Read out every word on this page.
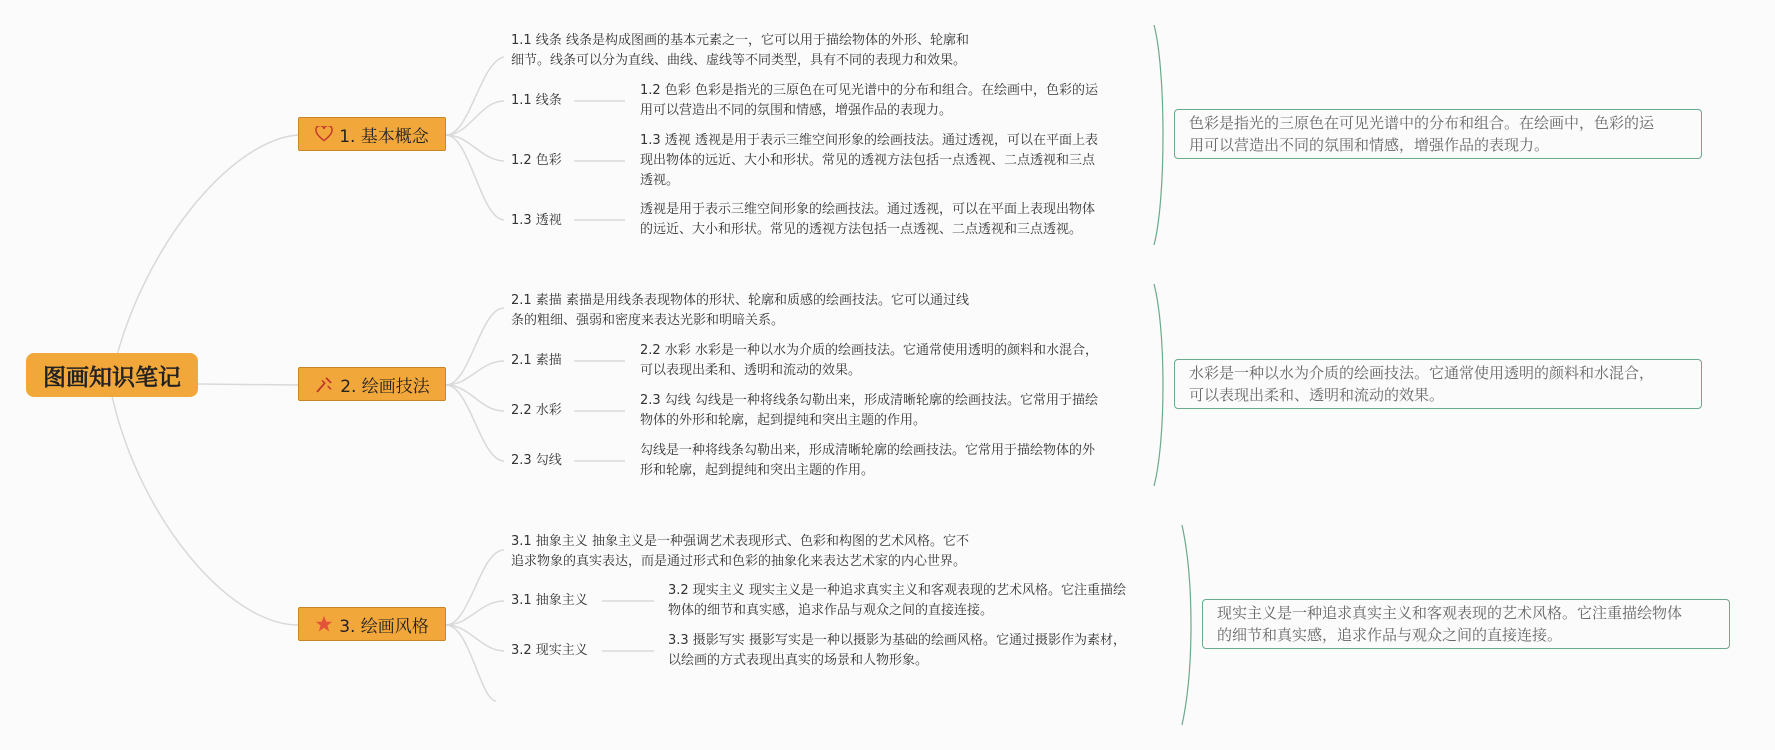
图画知识笔记
1. 基本概念
1.1 线条 线条是构成图画的基本元素之一，它可以用于描绘物体的外形、轮廓和
细节。线条可以分为直线、曲线、虚线等不同类型，具有不同的表现力和效果。
1.1 线条
1.2 色彩 色彩是指光的三原色在可见光谱中的分布和组合。在绘画中，色彩的运
用可以营造出不同的氛围和情感，增强作品的表现力。
1.2 色彩
1.3 透视 透视是用于表示三维空间形象的绘画技法。通过透视，可以在平面上表
现出物体的远近、大小和形状。常见的透视方法包括一点透视、二点透视和三点
透视。
1.3 透视
透视是用于表示三维空间形象的绘画技法。通过透视，可以在平面上表现出物体
的远近、大小和形状。常见的透视方法包括一点透视、二点透视和三点透视。
色彩是指光的三原色在可见光谱中的分布和组合。在绘画中，色彩的运
用可以营造出不同的氛围和情感，增强作品的表现力。
2. 绘画技法
2.1 素描 素描是用线条表现物体的形状、轮廓和质感的绘画技法。它可以通过线
条的粗细、强弱和密度来表达光影和明暗关系。
2.1 素描
2.2 水彩 水彩是一种以水为介质的绘画技法。它通常使用透明的颜料和水混合，
可以表现出柔和、透明和流动的效果。
2.2 水彩
2.3 勾线 勾线是一种将线条勾勒出来，形成清晰轮廓的绘画技法。它常用于描绘
物体的外形和轮廓，起到提纯和突出主题的作用。
2.3 勾线
勾线是一种将线条勾勒出来，形成清晰轮廓的绘画技法。它常用于描绘物体的外
形和轮廓，起到提纯和突出主题的作用。
水彩是一种以水为介质的绘画技法。它通常使用透明的颜料和水混合，
可以表现出柔和、透明和流动的效果。
3. 绘画风格
3.1 抽象主义 抽象主义是一种强调艺术表现形式、色彩和构图的艺术风格。它不
追求物象的真实表达，而是通过形式和色彩的抽象化来表达艺术家的内心世界。
3.1 抽象主义
3.2 现实主义 现实主义是一种追求真实主义和客观表现的艺术风格。它注重描绘
物体的细节和真实感，追求作品与观众之间的直接连接。
3.2 现实主义
3.3 摄影写实 摄影写实是一种以摄影为基础的绘画风格。它通过摄影作为素材，
以绘画的方式表现出真实的场景和人物形象。
现实主义是一种追求真实主义和客观表现的艺术风格。它注重描绘物体
的细节和真实感，追求作品与观众之间的直接连接。
